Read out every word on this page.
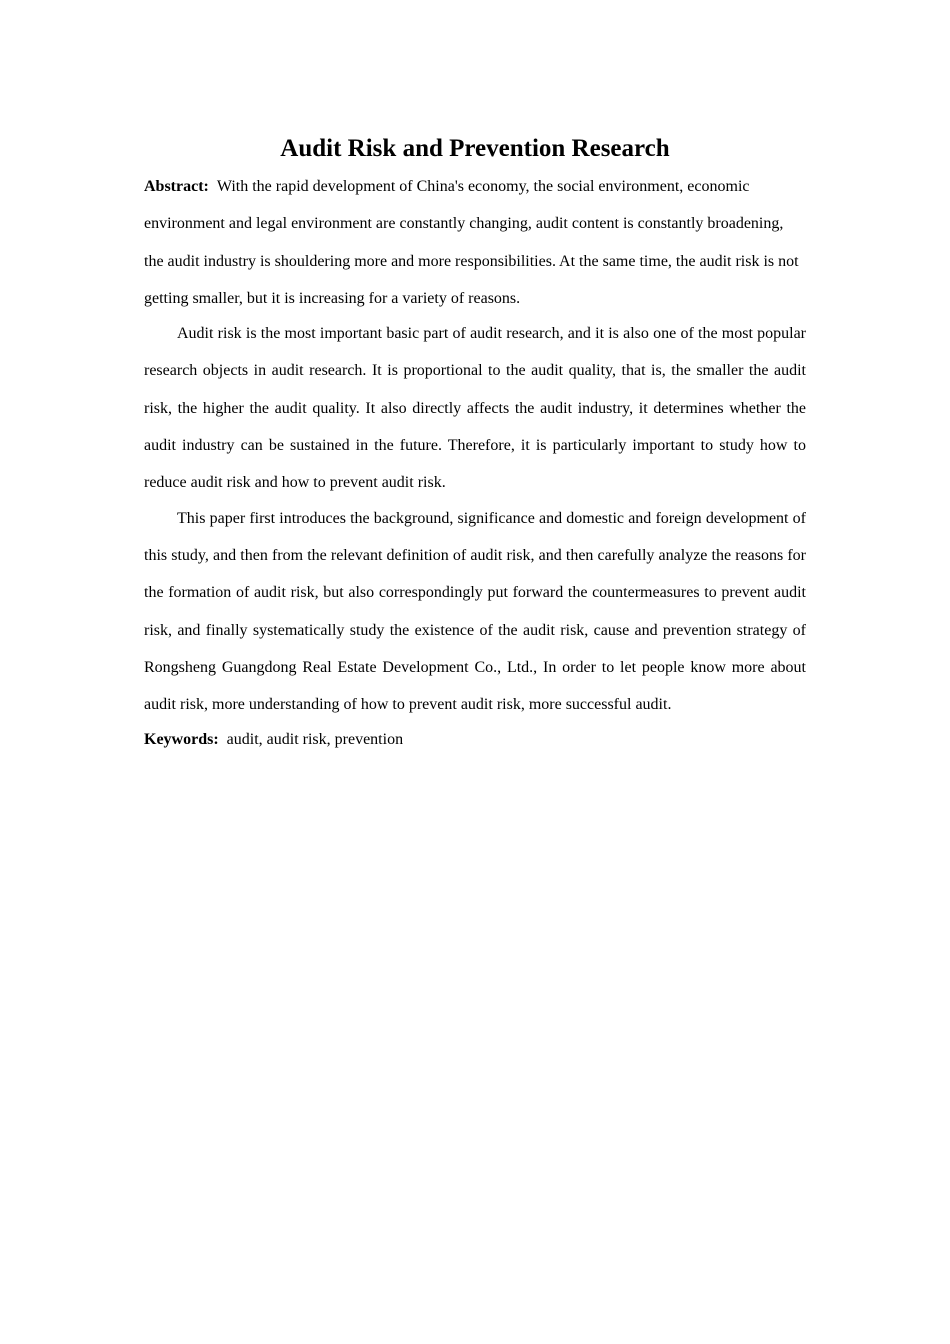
Audit Risk and Prevention Research

Abstract: With the rapid development of China's economy, the social environment, economic environment and legal environment are constantly changing, audit content is constantly broadening, the audit industry is shouldering more and more responsibilities. At the same time, the audit risk is not getting smaller, but it is increasing for a variety of reasons.

Audit risk is the most important basic part of audit research, and it is also one of the most popular research objects in audit research. It is proportional to the audit quality, that is, the smaller the audit risk, the higher the audit quality. It also directly affects the audit industry, it determines whether the audit industry can be sustained in the future. Therefore, it is particularly important to study how to reduce audit risk and how to prevent audit risk.

This paper first introduces the background, significance and domestic and foreign development of this study, and then from the relevant definition of audit risk, and then carefully analyze the reasons for the formation of audit risk, but also correspondingly put forward the countermeasures to prevent audit risk, and finally systematically study the existence of the audit risk, cause and prevention strategy of Rongsheng Guangdong Real Estate Development Co., Ltd., In order to let people know more about audit risk, more understanding of how to prevent audit risk, more successful audit.

Keywords: audit, audit risk, prevention
